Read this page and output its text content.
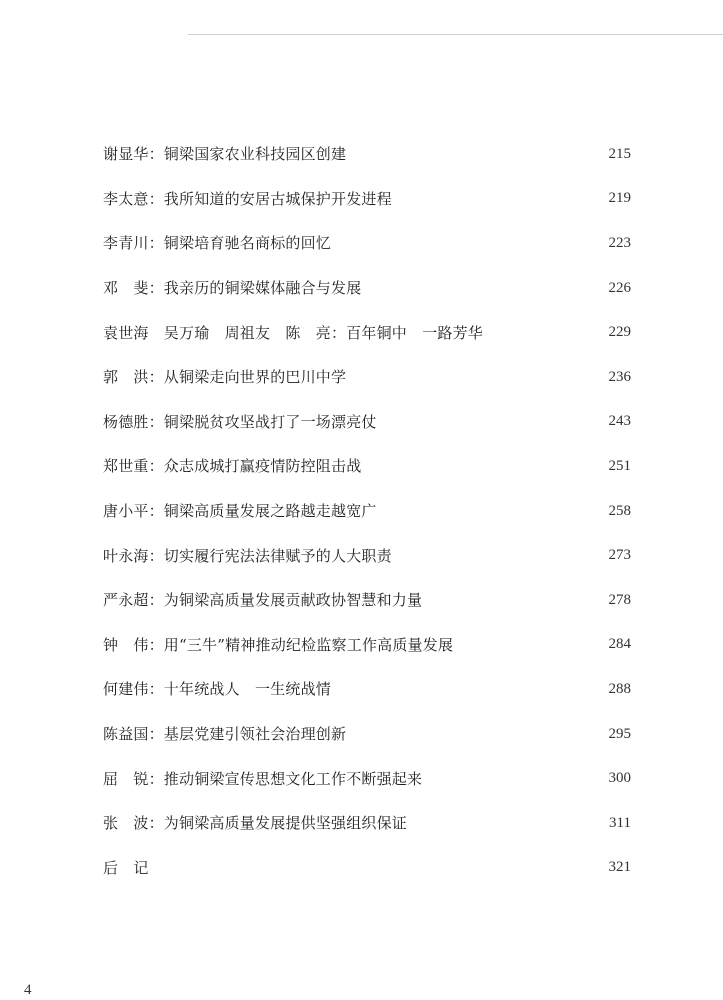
谢显华：铜梁国家农业科技园区创建	215
李太意：我所知道的安居古城保护开发进程	219
李青川：铜梁培育驰名商标的回忆	223
邓　斐：我亲历的铜梁媒体融合与发展	226
袁世海　吴万瑜　周祖友　陈　亮：百年铜中　一路芳华	229
郭　洪：从铜梁走向世界的巴川中学	236
杨德胜：铜梁脱贫攻坚战打了一场漂亮仗	243
郑世重：众志成城打赢疫情防控阻击战	251
唐小平：铜梁高质量发展之路越走越宽广	258
叶永海：切实履行宪法法律赋予的人大职责	273
严永超：为铜梁高质量发展贡献政协智慧和力量	278
钟　伟：用“三牛”精神推动纪检监察工作高质量发展	284
何建伟：十年统战人　一生统战情	288
陈益国：基层党建引领社会治理创新	295
屈　锐：推动铜梁宣传思想文化工作不断强起来	300
张　波：为铜梁高质量发展提供坚强组织保证	311
后　记	321
4
